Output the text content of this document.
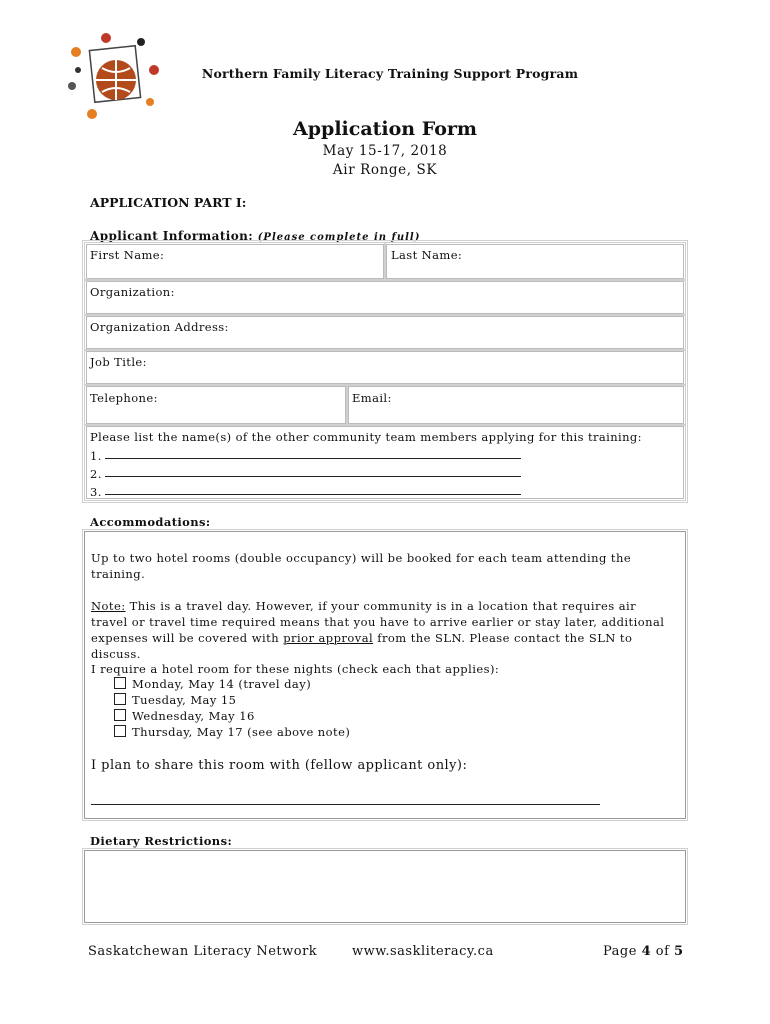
Northern Family Literacy Training Support Program
Application Form
May 15-17, 2018
Air Ronge, SK
APPLICATION PART I:
Applicant Information: (Please complete in full)
First Name:	Last Name:
Organization:
Organization Address:
Job Title:
Telephone:	Email:
Please list the name(s) of the other community team members applying for this training:
1.
2.
3.
Accommodations:
Up to two hotel rooms (double occupancy) will be booked for each team attending the training.
Note: This is a travel day. However, if your community is in a location that requires air travel or travel time required means that you have to arrive earlier or stay later, additional expenses will be covered with prior approval from the SLN. Please contact the SLN to discuss.
I require a hotel room for these nights (check each that applies):
Monday, May 14 (travel day)
Tuesday, May 15
Wednesday, May 16
Thursday, May 17 (see above note)
I plan to share this room with (fellow applicant only):
Dietary Restrictions:
Saskatchewan Literacy Network	www.saskliteracy.ca	Page 4 of 5
